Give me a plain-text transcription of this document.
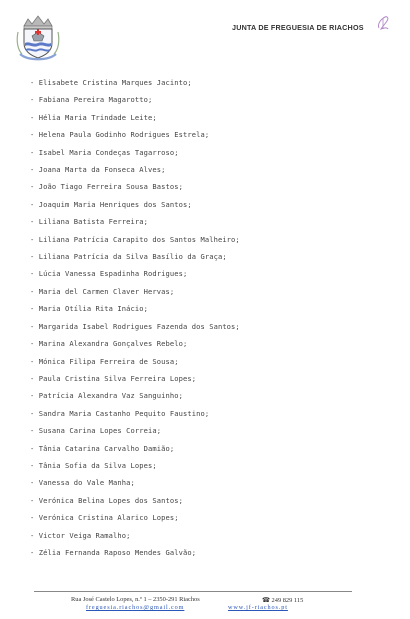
JUNTA DE FREGUESIA DE RIACHOS
- Elisabete Cristina Marques Jacinto;
- Fabiana Pereira Magarotto;
- Hélia Maria Trindade Leite;
- Helena Paula Godinho Rodrigues Estrela;
- Isabel Maria Condeças Tagarroso;
- Joana Marta da Fonseca Alves;
- João Tiago Ferreira Sousa Bastos;
- Joaquim Maria Henriques dos Santos;
- Liliana Batista Ferreira;
- Liliana Patrícia Carapito dos Santos Malheiro;
- Liliana Patrícia da Silva Basílio da Graça;
- Lúcia Vanessa Espadinha Rodrigues;
- Maria del Carmen Claver Hervas;
- Maria Otília Rita Inácio;
- Margarida Isabel Rodrigues Fazenda dos Santos;
- Marina Alexandra Gonçalves Rebelo;
- Mónica Filipa Ferreira de Sousa;
- Paula Cristina Silva Ferreira Lopes;
- Patrícia Alexandra Vaz Sanguinho;
- Sandra Maria Castanho Pequito Faustino;
- Susana Carina Lopes Correia;
- Tânia Catarina Carvalho Damião;
- Tânia Sofia da Silva Lopes;
- Vanessa do Vale Manha;
- Verónica Belina Lopes dos Santos;
- Verónica Cristina Alarico Lopes;
- Victor Veiga Ramalho;
- Zélia Fernanda Raposo Mendes Galvão;
Rua José Castelo Lopes, n.º 1 – 2350-291 Riachos	☎ 249 829 115
freguesia.riachos@gmail.com	www.jf-riachos.pt
